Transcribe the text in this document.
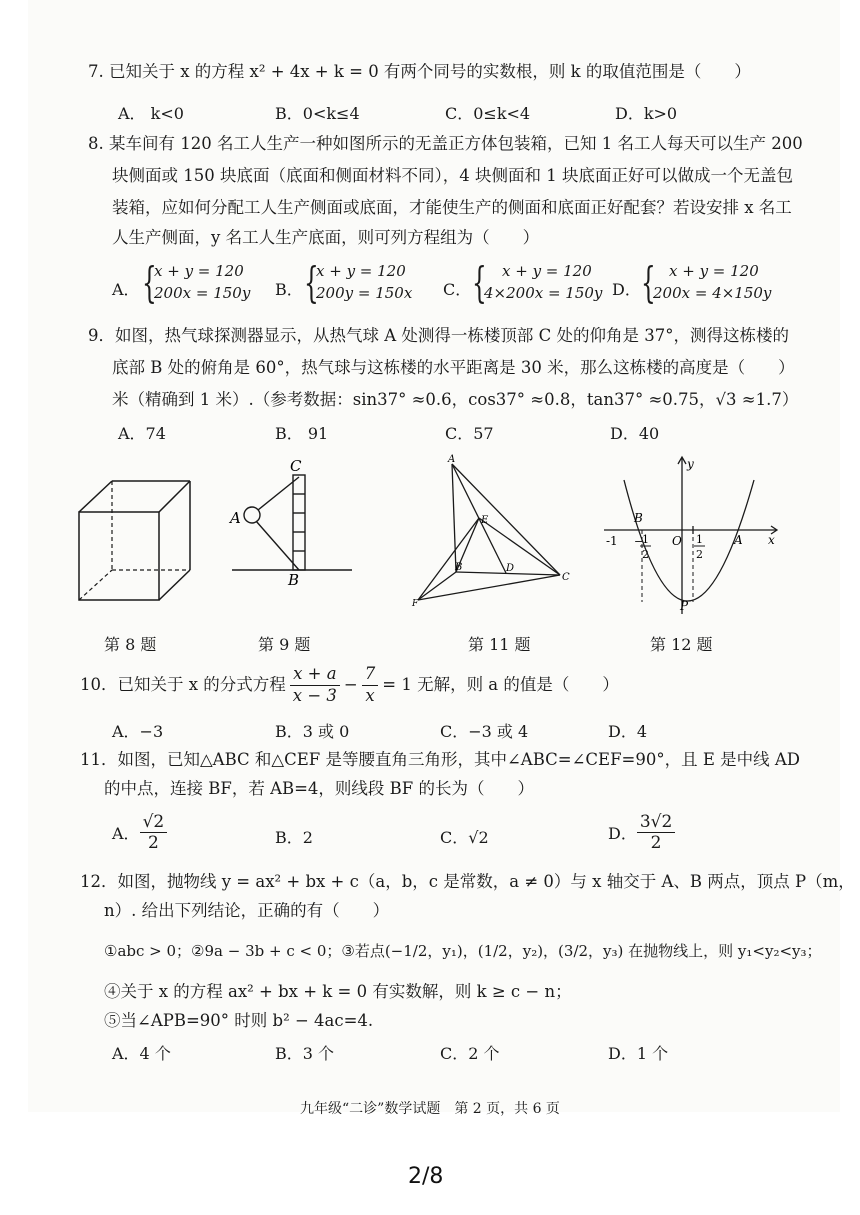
7. 已知关于 x 的方程 x² + 4x + k = 0 有两个同号的实数根，则 k 的取值范围是（　　）
A． k<0	B．0<k≤4	C．0≤k<4	D．k>0
8. 某车间有 120 名工人生产一种如图所示的无盖正方体包装箱，已知 1 名工人每天可以生产 200
块侧面或 150 块底面（底面和侧面材料不同），4 块侧面和 1 块底面正好可以做成一个无盖包
装箱，应如何分配工人生产侧面或底面，才能使生产的侧面和底面正好配套？若设安排 x 名工
人生产侧面，y 名工人生产底面，则可列方程组为（　　）
A． {
x + y = 120
200x = 150y B． {
x + y = 120
200y = 150x C． { x + y = 120
4×200x = 150y D． { x + y = 120
200x = 4×150y
9．如图，热气球探测器显示，从热气球 A 处测得一栋楼顶部 C 处的仰角是 37°，测得这栋楼的
底部 B 处的俯角是 60°，热气球与这栋楼的水平距离是 30 米，那么这栋楼的高度是（　　）
米（精确到 1 米）.（参考数据：sin37° ≈0.6，cos37° ≈0.8，tan37° ≈0.75，√3 ≈1.7）
A．74	B． 91	C．57	D．40
C
A
B
A
E
B	D
C
F
y
x
O
B
A
P
-1 −
1
2
1
2
第 8 题	第 9 题	第 11 题	第 12 题
10．已知关于 x 的分式方程 $\frac{x + a}{x - 3} - \frac{7}{x} = 1$ 无解，则 a 的值是（　　）
A．−3	B．3 或 0	C．−3 或 4	D．4
11．如图，已知△ABC 和△CEF 是等腰直角三角形，其中∠ABC=∠CEF=90°，且 E 是中线 AD
的中点，连接 BF，若 AB=4，则线段 BF 的长为（　　）
A． $\frac{√2}{2}$	B．2	C．√2	D． $\frac{3√2}{2}$
12．如图，抛物线 y = ax² + bx + c（a，b，c 是常数，a ≠ 0）与 x 轴交于 A、B 两点，顶点 P（m，
n）. 给出下列结论，正确的有（　　）
①abc > 0；②9a − 3b + c < 0；③若点(−1/2，y₁)，(1/2，y₂)，(3/2，y₃) 在抛物线上，则 y₁<y₂<y₃；
④关于 x 的方程 ax² + bx + k = 0 有实数解，则 k ≥ c − n；
⑤当∠APB=90° 时则 b² − 4ac=4.
A．4 个	B．3 个	C．2 个	D．1 个
九年级“二诊”数学试题　第 2 页，共 6 页
2/8
